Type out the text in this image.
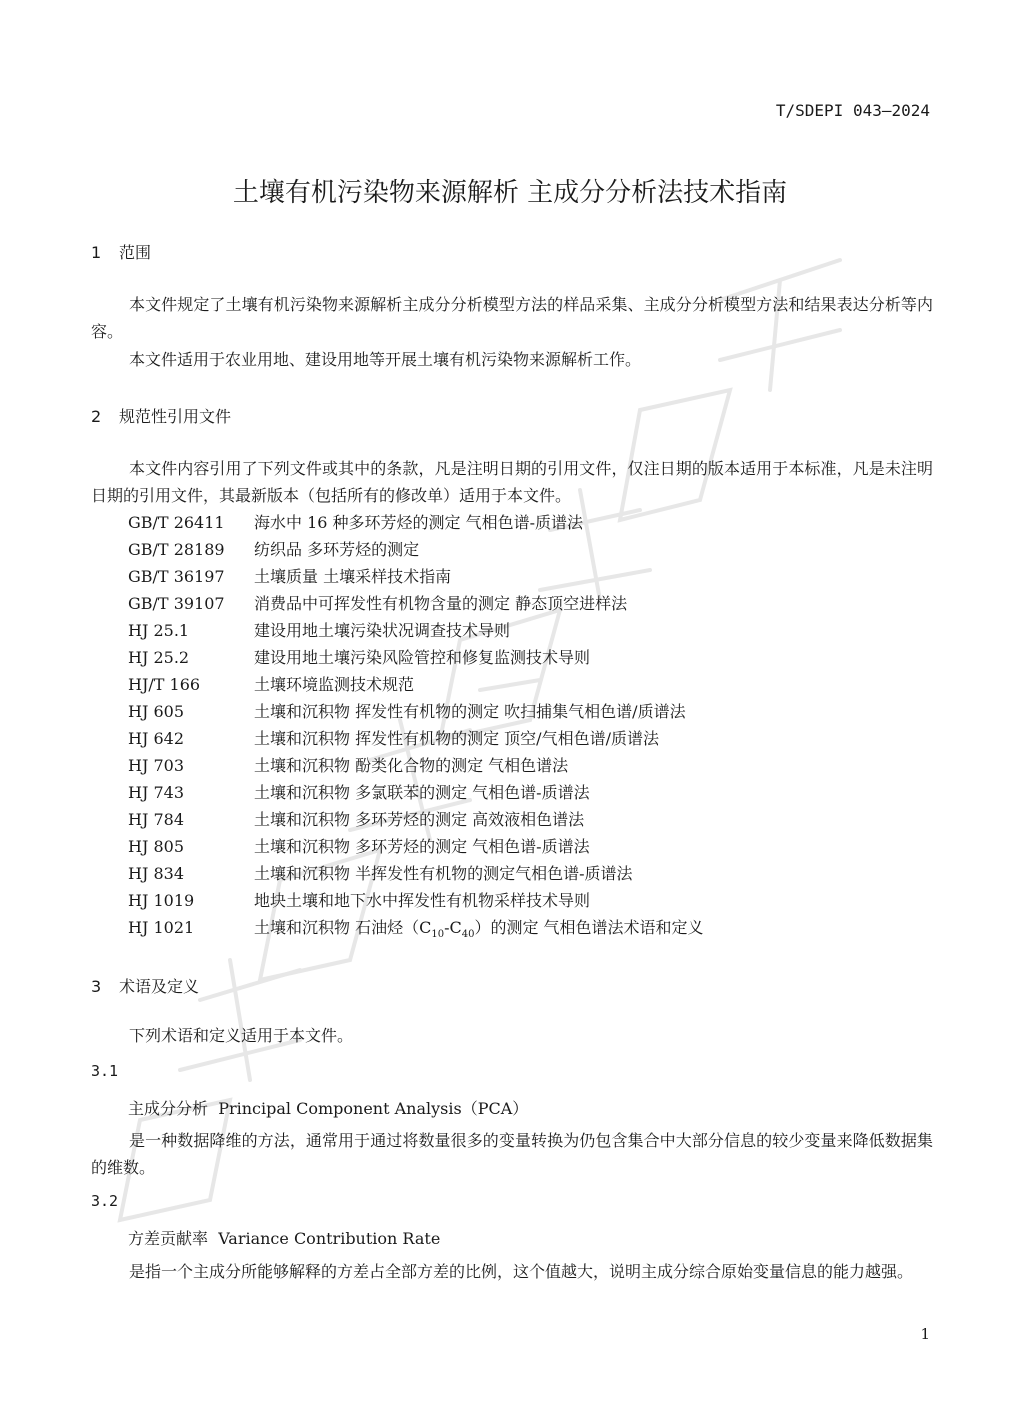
T/SDEPI 043—2024
土壤有机污染物来源解析 主成分分析法技术指南
1 范围
本文件规定了土壤有机污染物来源解析主成分分析模型方法的样品采集、主成分分析模型方法和结果表达分析等内容。
本文件适用于农业用地、建设用地等开展土壤有机污染物来源解析工作。
2 规范性引用文件
本文件内容引用了下列文件或其中的条款，凡是注明日期的引用文件，仅注日期的版本适用于本标准，凡是未注明日期的引用文件，其最新版本（包括所有的修改单）适用于本文件。
GB/T 26411 海水中 16 种多环芳烃的测定 气相色谱-质谱法
GB/T 28189 纺织品 多环芳烃的测定
GB/T 36197 土壤质量 土壤采样技术指南
GB/T 39107 消费品中可挥发性有机物含量的测定 静态顶空进样法
HJ 25.1	建设用地土壤污染状况调查技术导则
HJ 25.2	建设用地土壤污染风险管控和修复监测技术导则
HJ/T 166	土壤环境监测技术规范
HJ 605	土壤和沉积物 挥发性有机物的测定 吹扫捕集气相色谱/质谱法
HJ 642	土壤和沉积物 挥发性有机物的测定 顶空/气相色谱/质谱法
HJ 703	土壤和沉积物 酚类化合物的测定 气相色谱法
HJ 743	土壤和沉积物 多氯联苯的测定 气相色谱-质谱法
HJ 784	土壤和沉积物 多环芳烃的测定 高效液相色谱法
HJ 805	土壤和沉积物 多环芳烃的测定 气相色谱-质谱法
HJ 834	土壤和沉积物 半挥发性有机物的测定气相色谱-质谱法
HJ 1019	地块土壤和地下水中挥发性有机物采样技术导则
HJ 1021	土壤和沉积物 石油烃$(C_{10}-C_{40})$的测定 气相色谱法术语和定义
3 术语及定义
下列术语和定义适用于本文件。
3.1
主成分分析 Principal Component Analysis（PCA）
是一种数据降维的方法，通常用于通过将数量很多的变量转换为仍包含集合中大部分信息的较少变量来降低数据集的维数。
3.2
方差贡献率 Variance Contribution Rate
是指一个主成分所能够解释的方差占全部方差的比例，这个值越大，说明主成分综合原始变量信息的能力越强。
1
